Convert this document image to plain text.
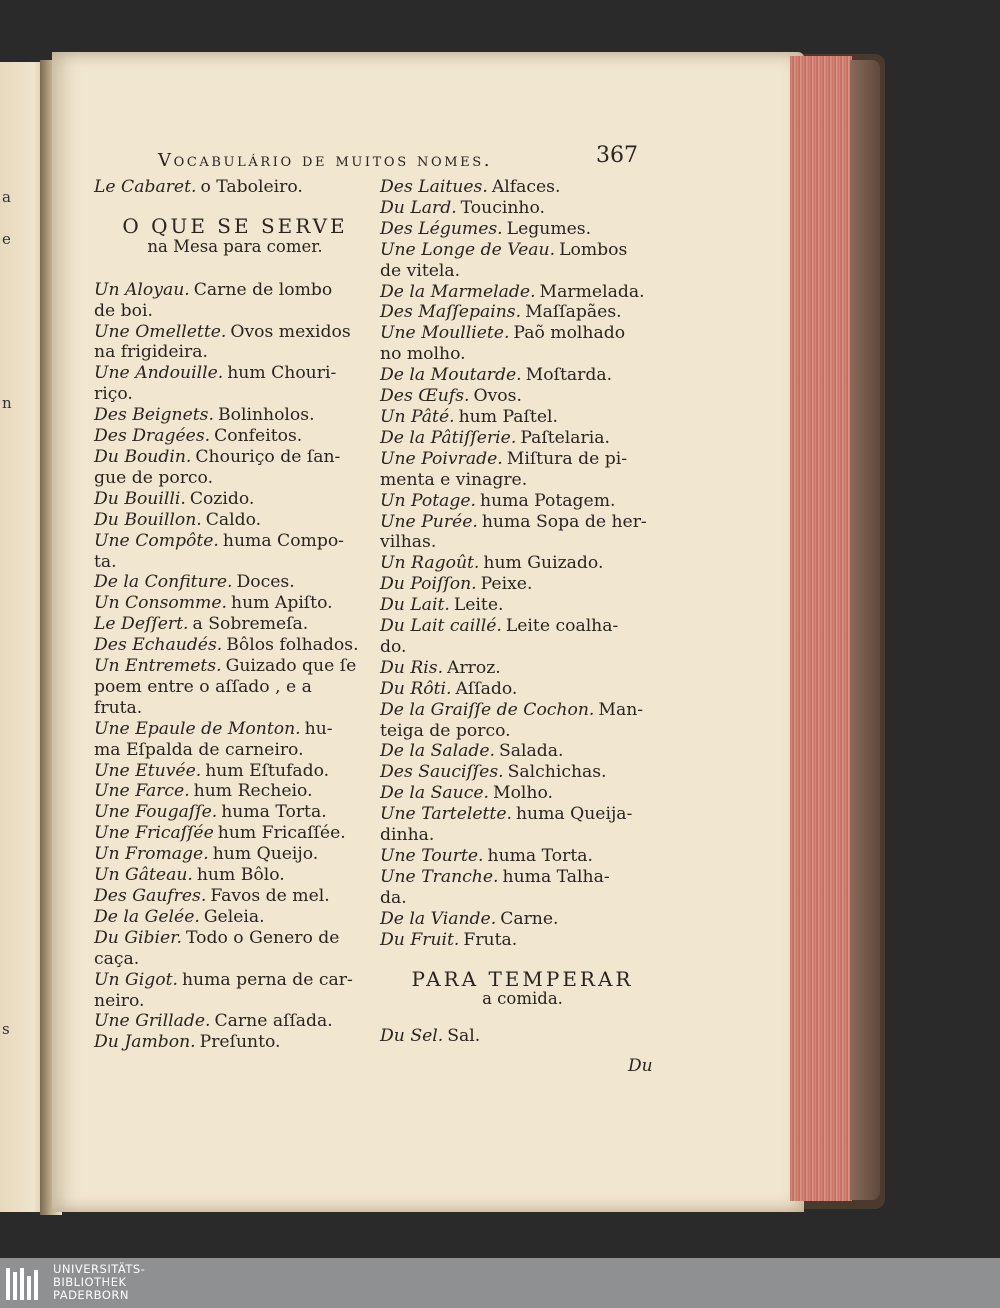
a
e
n
s
Vocabulário de muitos nomes.	367
Le Cabaret. o Taboleiro.
O QUE SE SERVE
na Mesa para comer.
Un Aloyau. Carne de lombo
de boi.
Une Omellette. Ovos mexidos
na frigideira.
Une Andouille. hum Chouri-
riço.
Des Beignets. Bolinholos.
Des Dragées. Confeitos.
Du Boudin. Chouriço de ſan-
gue de porco.
Du Bouilli. Cozido.
Du Bouillon. Caldo.
Une Compôte. huma Compo-
ta.
De la Confiture. Doces.
Un Consomme. hum Apiſto.
Le Deſſert. a Sobremeſa.
Des Echaudés. Bôlos folhados.
Un Entremets. Guizado que ſe
poem entre o aſſado , e a
fruta.
Une Epaule de Monton. hu-
ma Eſpalda de carneiro.
Une Etuvée. hum Eſtufado.
Une Farce. hum Recheio.
Une Fougaſſe. huma Torta.
Une Fricaſſée hum Fricaſſée.
Un Fromage. hum Queijo.
Un Gâteau. hum Bôlo.
Des Gaufres. Favos de mel.
De la Gelée. Geleia.
Du Gibier. Todo o Genero de
caça.
Un Gigot. huma perna de car-
neiro.
Une Grillade. Carne aſſada.
Du Jambon. Preſunto.
Des Laitues. Alfaces.
Du Lard. Toucinho.
Des Légumes. Legumes.
Une Longe de Veau. Lombos
de vitela.
De la Marmelade. Marmelada.
Des Maſſepains. Maſſapães.
Une Moulliete. Paõ molhado
no molho.
De la Moutarde. Moſtarda.
Des Œufs. Ovos.
Un Pâté. hum Paſtel.
De la Pâtiſſerie. Paſtelaria.
Une Poivrade. Miſtura de pi-
menta e vinagre.
Un Potage. huma Potagem.
Une Purée. huma Sopa de her-
vilhas.
Un Ragoût. hum Guizado.
Du Poiſſon. Peixe.
Du Lait. Leite.
Du Lait caillé. Leite coalha-
do.
Du Ris. Arroz.
Du Rôti. Aſſado.
De la Graiſſe de Cochon. Man-
teiga de porco.
De la Salade. Salada.
Des Sauciſſes. Salchichas.
De la Sauce. Molho.
Une Tartelette. huma Queija-
dinha.
Une Tourte. huma Torta.
Une Tranche. huma Talha-
da.
De la Viande. Carne.
Du Fruit. Fruta.
PARA TEMPERAR
a comida.
Du Sel. Sal.
Du
UNIVERSITÄTS-
BIBLIOTHEK
PADERBORN
